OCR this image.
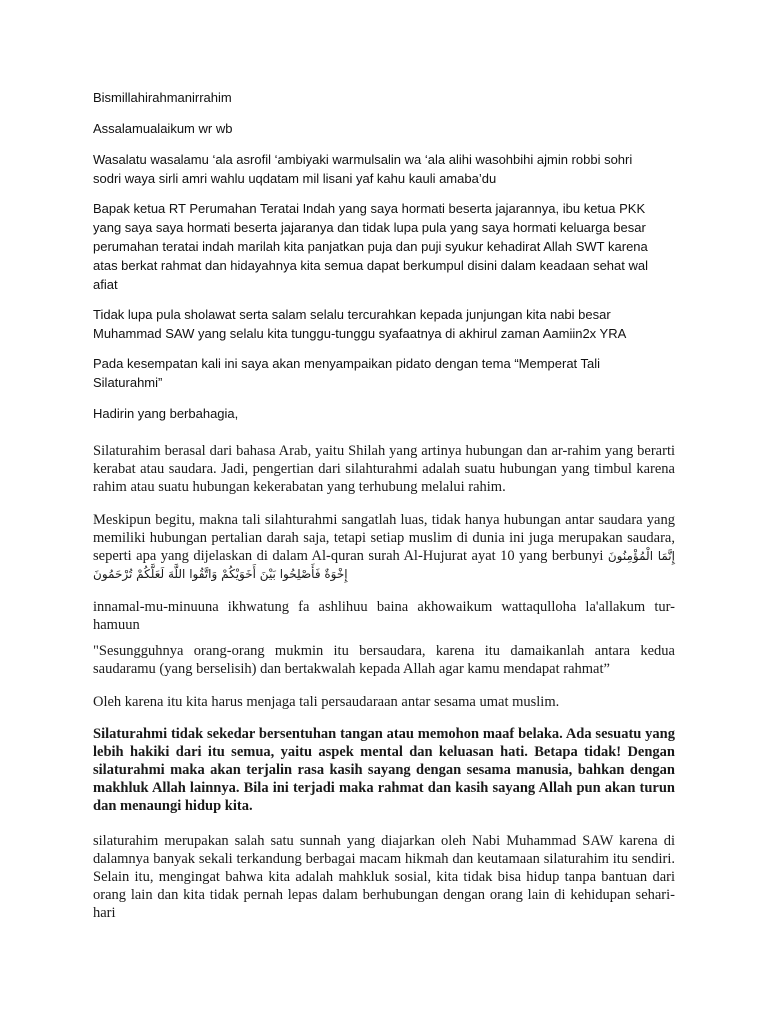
Bismillahirahmanirrahim

Assalamualaikum wr wb

Wasalatu wasalamu ‘ala asrofil ‘ambiyaki warmulsalin wa ‘ala alihi wasohbihi ajmin robbi sohri sodri waya sirli amri wahlu uqdatam mil lisani yaf kahu kauli amaba’du

Bapak ketua RT Perumahan Teratai Indah yang saya hormati beserta jajarannya, ibu ketua PKK yang saya saya hormati beserta jajaranya dan tidak lupa pula yang saya hormati keluarga besar perumahan teratai indah marilah kita panjatkan puja dan puji syukur kehadirat Allah SWT karena atas berkat rahmat dan hidayahnya kita semua dapat berkumpul disini dalam keadaan sehat wal afiat

Tidak lupa pula sholawat serta salam selalu tercurahkan kepada junjungan kita nabi besar Muhammad SAW yang selalu kita tunggu-tunggu syafaatnya di akhirul zaman Aamiin2x YRA

Pada kesempatan kali ini saya akan menyampaikan pidato dengan tema “Memperat Tali Silaturahmi”

Hadirin yang berbahagia,

Silaturahim berasal dari bahasa Arab, yaitu Shilah yang artinya hubungan dan ar-rahim yang berarti kerabat atau saudara. Jadi, pengertian dari silahturahmi adalah suatu hubungan yang timbul karena rahim atau suatu hubungan kekerabatan yang terhubung melalui rahim.

Meskipun begitu, makna tali silahturahmi sangatlah luas, tidak hanya hubungan antar saudara yang memiliki hubungan pertalian darah saja, tetapi setiap muslim di dunia ini juga merupakan saudara, seperti apa yang dijelaskan di dalam Al-quran surah Al-Hujurat ayat 10 yang berbunyi إِنَّمَا الْمُؤْمِنُونَ إِخْوَةٌ فَأَصْلِحُوا بَيْنَ أَخَوَيْكُمْ وَاتَّقُوا اللَّهَ لَعَلَّكُمْ تُرْحَمُونَ

innamal-mu-minuuna ikhwatung fa ashlihuu baina akhowaikum wattaqulloha la'allakum tur-hamuun

"Sesungguhnya orang-orang mukmin itu bersaudara, karena itu damaikanlah antara kedua saudaramu (yang berselisih) dan bertakwalah kepada Allah agar kamu mendapat rahmat”

Oleh karena itu kita harus menjaga tali persaudaraan antar sesama umat muslim.

Silaturahmi tidak sekedar bersentuhan tangan atau memohon maaf belaka. Ada sesuatu yang lebih hakiki dari itu semua, yaitu aspek mental dan keluasan hati. Betapa tidak! Dengan silaturahmi maka akan terjalin rasa kasih sayang dengan sesama manusia, bahkan dengan makhluk Allah lainnya. Bila ini terjadi maka rahmat dan kasih sayang Allah pun akan turun dan menaungi hidup kita.

silaturahim merupakan salah satu sunnah yang diajarkan oleh Nabi Muhammad SAW karena di dalamnya banyak sekali terkandung berbagai macam hikmah dan keutamaan silaturahim itu sendiri. Selain itu, mengingat bahwa kita adalah mahkluk sosial, kita tidak bisa hidup tanpa bantuan dari orang lain dan kita tidak pernah lepas dalam berhubungan dengan orang lain di kehidupan sehari-hari
